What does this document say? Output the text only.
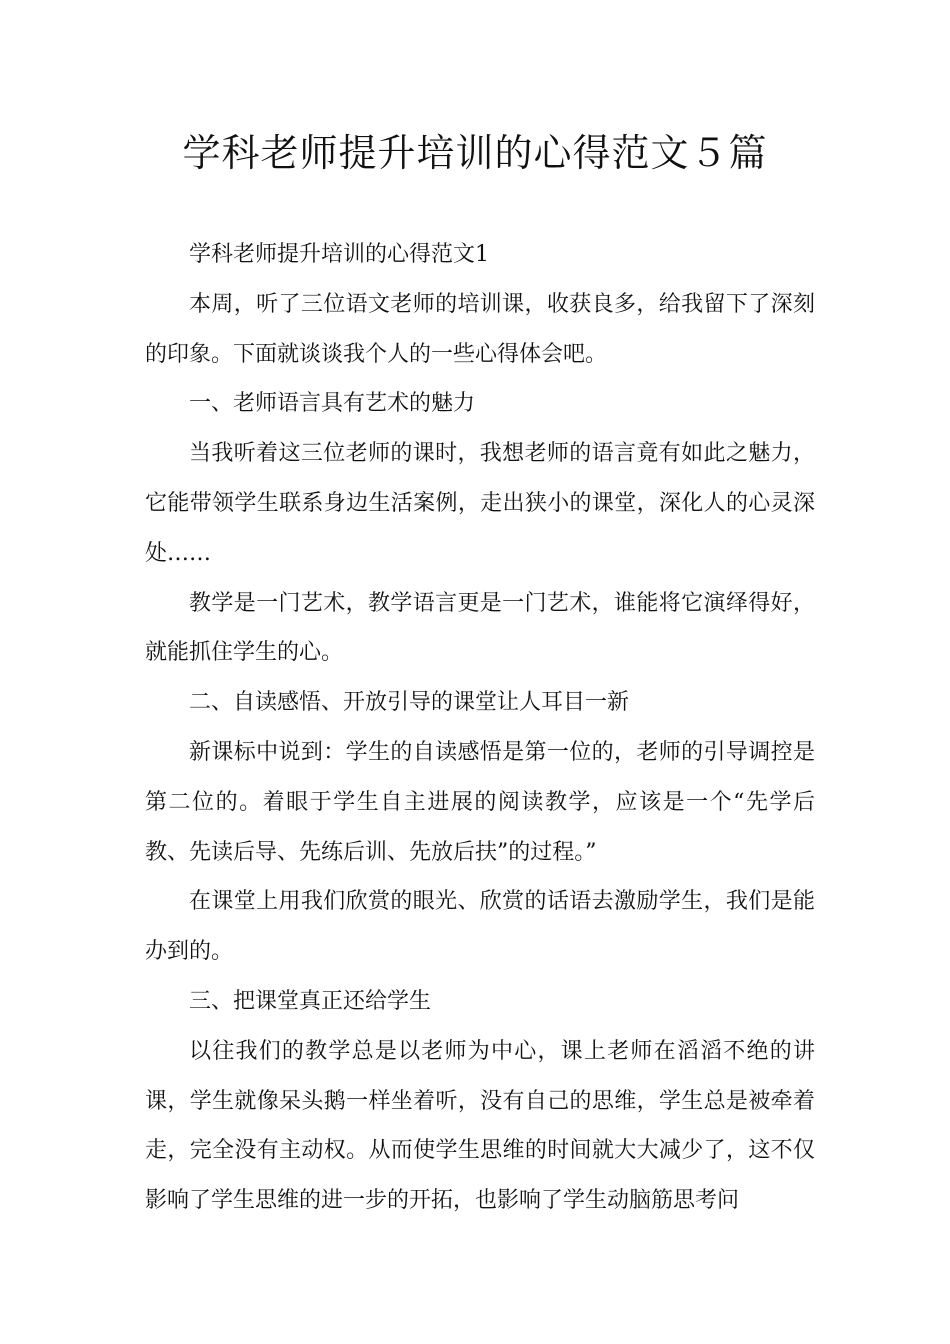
学科老师提升培训的心得范文５篇

学科老师提升培训的心得范文1

本周，听了三位语文老师的培训课，收获良多，给我留下了深刻的印象。下面就谈谈我个人的一些心得体会吧。

一、老师语言具有艺术的魅力

当我听着这三位老师的课时，我想老师的语言竟有如此之魅力，它能带领学生联系身边生活案例，走出狭小的课堂，深化人的心灵深处……

教学是一门艺术，教学语言更是一门艺术，谁能将它演绎得好，就能抓住学生的心。

二、自读感悟、开放引导的课堂让人耳目一新

新课标中说到：学生的自读感悟是第一位的，老师的引导调控是第二位的。着眼于学生自主进展的阅读教学，应该是一个“先学后教、先读后导、先练后训、先放后扶”的过程。”

在课堂上用我们欣赏的眼光、欣赏的话语去激励学生，我们是能办到的。

三、把课堂真正还给学生

以往我们的教学总是以老师为中心，课上老师在滔滔不绝的讲课，学生就像呆头鹅一样坐着听，没有自己的思维，学生总是被牵着走，完全没有主动权。从而使学生思维的时间就大大减少了，这不仅影响了学生思维的进一步的开拓，也影响了学生动脑筋思考问
